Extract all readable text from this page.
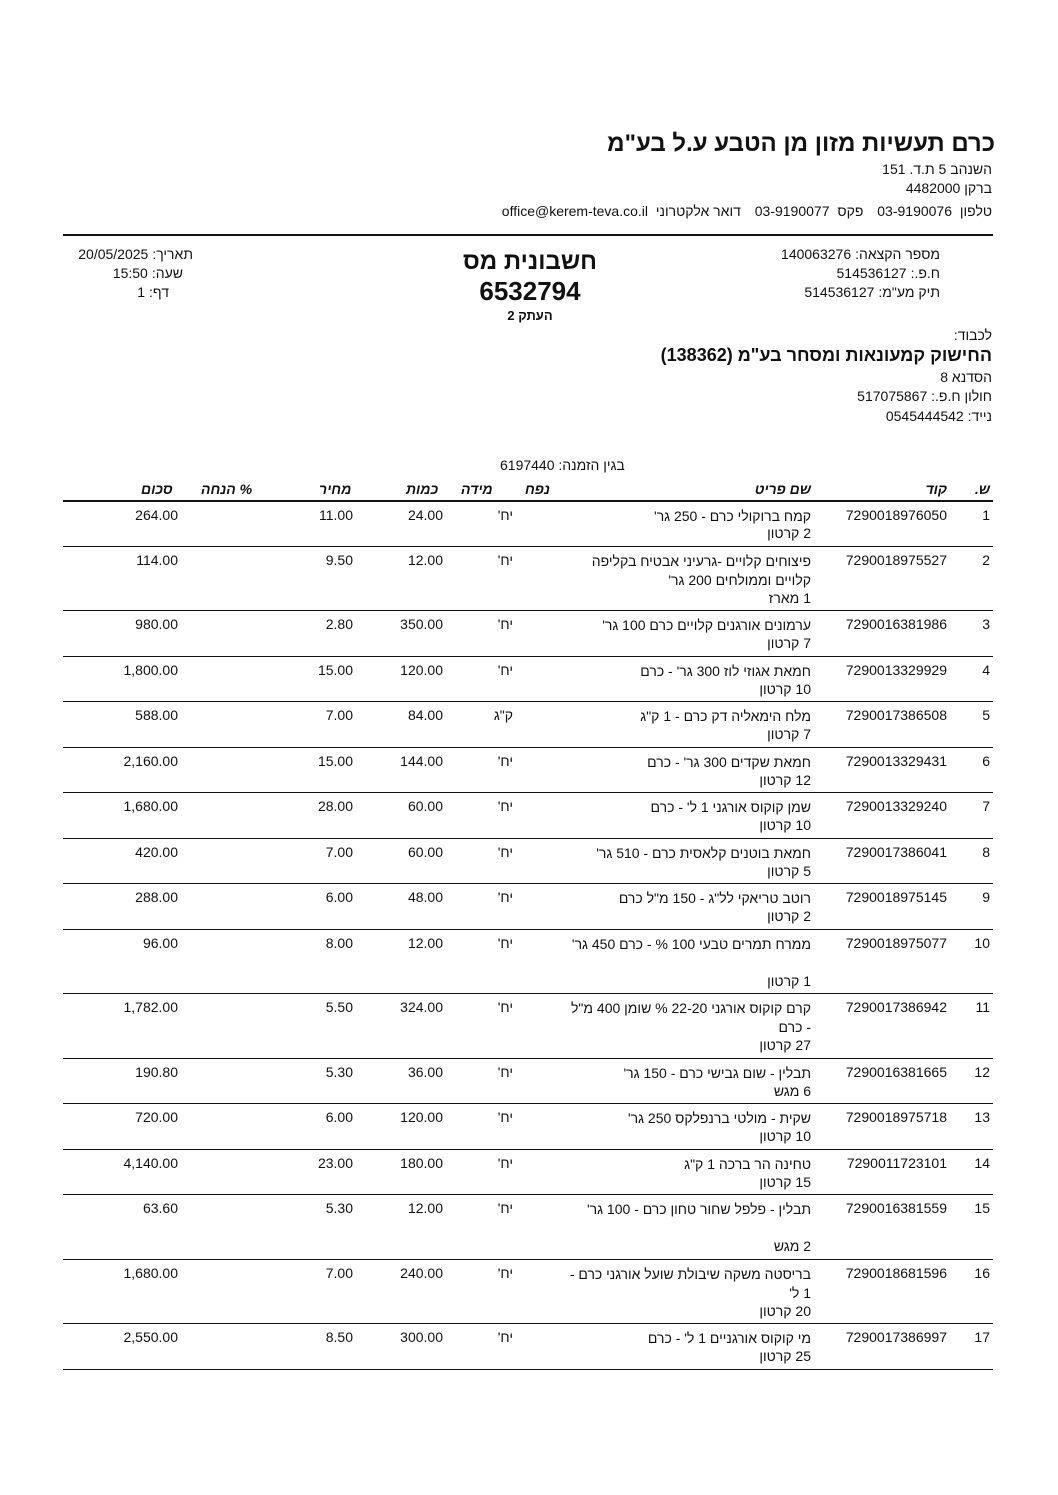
כרם תעשיות מזון מן הטבע ע.ל בע"מ
השנהב 5 ת.ד. 151
ברקן 4482000
טלפון 03-9190076 פקס 03-9190077 דואר אלקטרוני office@kerem-teva.co.il
מספר הקצאה:140063276
ח.פ.:514536127
תיק מע"מ:514536127
חשבונית מס
6532794
העתק 2
תאריך:20/05/2025
שעה:15:50
דף:1
לכבוד:
החישוק קמעונאות ומסחר בע"מ (138362)
הסדנא 8
חולון ח.פ.: 517075867
נייד: 0545444542
בגין הזמנה: 6197440
ש.
קוד
שם פריט
נפח
מידה
כמות
מחיר
% הנחה
סכום
1
7290018976050
קמח ברוקולי כרם - 250 גר'
יח'
24.00
11.00
264.00
2 קרטון
2
7290018975527
פיצוחים קלויים -גרעיני אבטיח בקליפה קלויים וממולחים 200 גר'
יח'
12.00
9.50
114.00
1 מארז
3
7290016381986
ערמונים אורגנים קלויים כרם 100 גר'
יח'
350.00
2.80
980.00
7 קרטון
4
7290013329929
חמאת אגוזי לוז 300 גר' - כרם
יח'
120.00
15.00
1,800.00
10 קרטון
5
7290017386508
מלח הימאליה דק כרם - 1 ק"ג
ק"ג
84.00
7.00
588.00
7 קרטון
6
7290013329431
חמאת שקדים 300 גר' - כרם
יח'
144.00
15.00
2,160.00
12 קרטון
7
7290013329240
שמן קוקוס אורגני 1 ל' - כרם
יח'
60.00
28.00
1,680.00
10 קרטון
8
7290017386041
חמאת בוטנים קלאסית כרם - 510 גר'
יח'
60.00
7.00
420.00
5 קרטון
9
7290018975145
רוטב טריאקי לל"ג - 150 מ"ל כרם
יח'
48.00
6.00
288.00
2 קרטון
10
7290018975077
ממרח תמרים טבעי 100 % - כרם 450 גר'
יח'
12.00
8.00
96.00
1 קרטון
11
7290017386942
קרם קוקוס אורגני 22-20 % שומן 400 מ"ל - כרם
יח'
324.00
5.50
1,782.00
27 קרטון
12
7290016381665
תבלין - שום גבישי כרם - 150 גר'
יח'
36.00
5.30
190.80
6 מגש
13
7290018975718
שקית - מולטי ברנפלקס 250 גר'
יח'
120.00
6.00
720.00
10 קרטון
14
7290011723101
טחינה הר ברכה 1 ק"ג
יח'
180.00
23.00
4,140.00
15 קרטון
15
7290016381559
תבלין - פלפל שחור טחון כרם - 100 גר'
יח'
12.00
5.30
63.60
2 מגש
16
7290018681596
בריסטה משקה שיבולת שועל אורגני כרם - 1 ל'
יח'
240.00
7.00
1,680.00
20 קרטון
17
7290017386997
מי קוקוס אורגניים 1 ל' - כרם
יח'
300.00
8.50
2,550.00
25 קרטון
